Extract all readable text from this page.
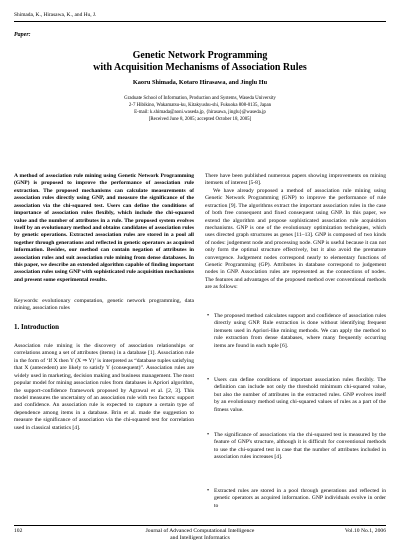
Shimada, K., Hirasawa, K., and Hu, J.
Paper:
Genetic Network Programming
with Acquisition Mechanisms of Association Rules
Kaoru Shimada, Kotaro Hirasawa, and Jinglu Hu
Graduate School of Information, Production and Systems, Waseda University
2-7 Hibikino, Wakamatsu-ku, Kitakyushu-shi, Fukuoka 808-0135, Japan
E-mail: k.shimada@aoni.waseda.jp, {hirasawa, jinglu}@waseda.jp
[Received June 8, 2005; accepted October 18, 2005]
A method of association rule mining using Genetic Network Programming (GNP) is proposed to improve the performance of association rule extraction. The proposed mechanisms can calculate measurements of association rules directly using GNP, and measure the significance of the association via the chi-squared test. Users can define the conditions of importance of association rules flexibly, which include the chi-squared value and the number of attributes in a rule. The proposed system evolves itself by an evolutionary method and obtains candidates of association rules by genetic operations. Extracted association rules are stored in a pool all together through generations and reflected in genetic operators as acquired information. Besides, our method can contain negation of attributes in association rules and suit association rule mining from dense databases. In this paper, we describe an extended algorithm capable of finding important association rules using GNP with sophisticated rule acquisition mechanisms and present some experimental results.
Keywords: evolutionary computation, genetic network programming, data mining, association rules
1. Introduction
Association rule mining is the discovery of association relationships or correlations among a set of attributes (items) in a database [1]. Association rule in the form of ‘If X then Y (X ⇒ Y)’ is interpreted as “database tuples satisfying that X (antecedent) are likely to satisfy Y (consequent)”. Association rules are widely used in marketing, decision making and business management. The most popular model for mining association rules from databases is Apriori algorithm, the support-confidence framework proposed by Agrawal et al. [2, 3]. This model measures the uncertainty of an association rule with two factors: support and confidence. An association rule is expected to capture a certain type of dependence among items in a database. Brin et al. made the suggestion to measure the significance of association via the chi-squared test for correlation used in classical statistics [4].

There have been published numerous papers showing improvements on mining itemsets of interest [5-8].

We have already proposed a method of association rule mining using Genetic Network Programming (GNP) to improve the performance of rule extraction [9]. The algorithms extract the important association rules in the case of both free consequent and fixed consequent using GNP. In this paper, we extend the algorithm and propose sophisticated association rule acquisition mechanisms. GNP is one of the evolutionary optimization techniques, which uses directed graph structures as genes [11–13]. GNP is composed of two kinds of nodes: judgement node and processing node. GNP is useful because it can not only form the optimal structure effectively, but it also avoid the premature convergence. Judgement nodes correspond nearly to elementary functions of Genetic Programming (GP). Attributes in database correspond to judgement nodes in GNP. Association rules are represented as the connections of nodes. The features and advantages of the proposed method over conventional methods are as follows:

• The proposed method calculates support and confidence of association rules directly using GNP. Rule extraction is done without identifying frequent itemsets used in Apriori-like mining methods. We can apply the method to rule extraction from dense databases, where many frequently occurring items are found in each tuple [6].
• Users can define conditions of important association rules flexibly. The definition can include not only the threshold minimum chi-squared value, but also the number of attributes in the extracted rules. GNP evolves itself by an evolutionary method using chi-squared values of rules as a part of the fitness value.
• The significance of associations via the chi-squared test is measured by the feature of GNP's structure, although it is difficult for conventional methods to use the chi-squared test in case that the number of attributes included in association rules increases [4].
• Extracted rules are stored in a pool through generations and reflected in genetic operators as acquired information. GNP individuals evolve in order to
102	Journal of Advanced Computational Intelligence
and Intelligent Informatics
Vol.10 No.1, 2006
